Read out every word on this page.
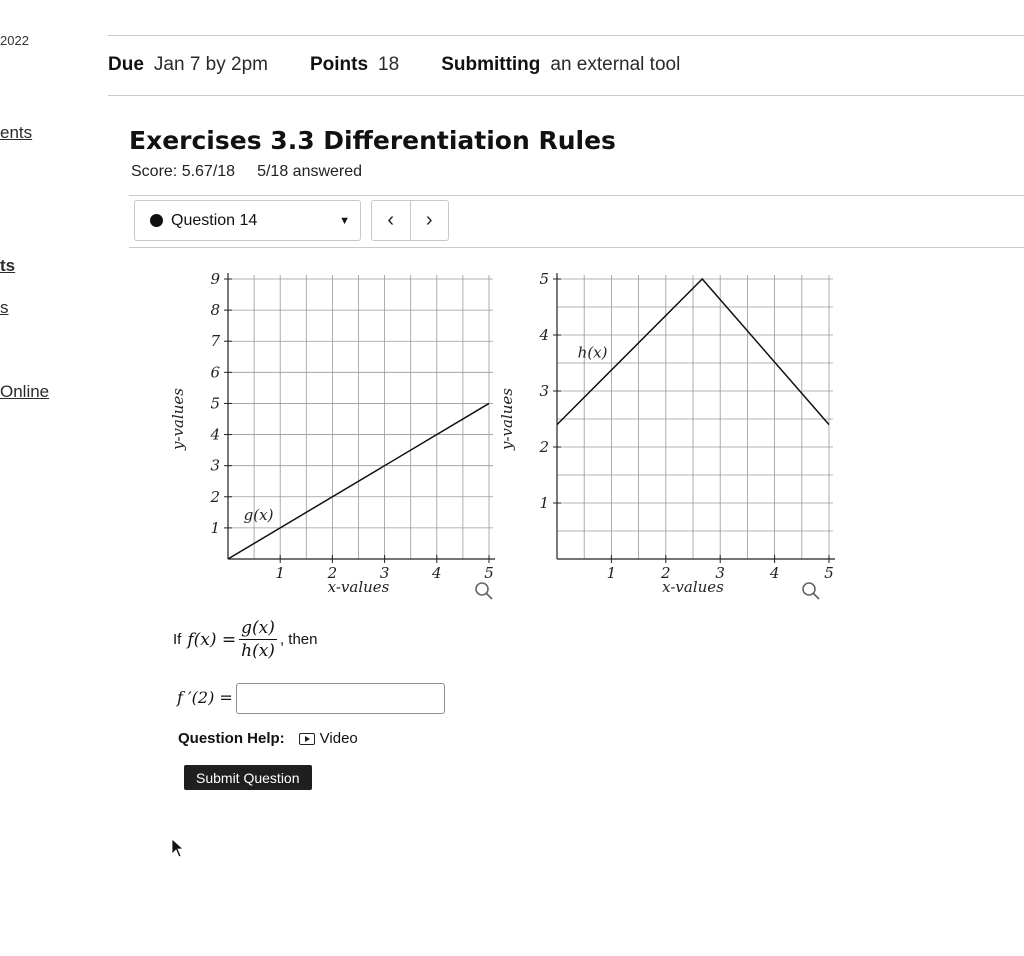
2022
ents
ts
s
Online
Due Jan 7 by 2pm Points 18 Submitting an external tool
Exercises 3.3 Differentiation Rules
Score: 5.67/18 5/18 answered
Question 14	▼	‹	›
1	2	3	4	5
1
2
3
4
5
6
7
8
9
x-values
y-values
g(x)
1	2	3	4	5
1
2
3
4
5
x-values
y-values
h(x)
If $f(x) = \frac{g(x)}{h(x)}$ , then
f ′(2) =
Question Help: Video
Submit Question
